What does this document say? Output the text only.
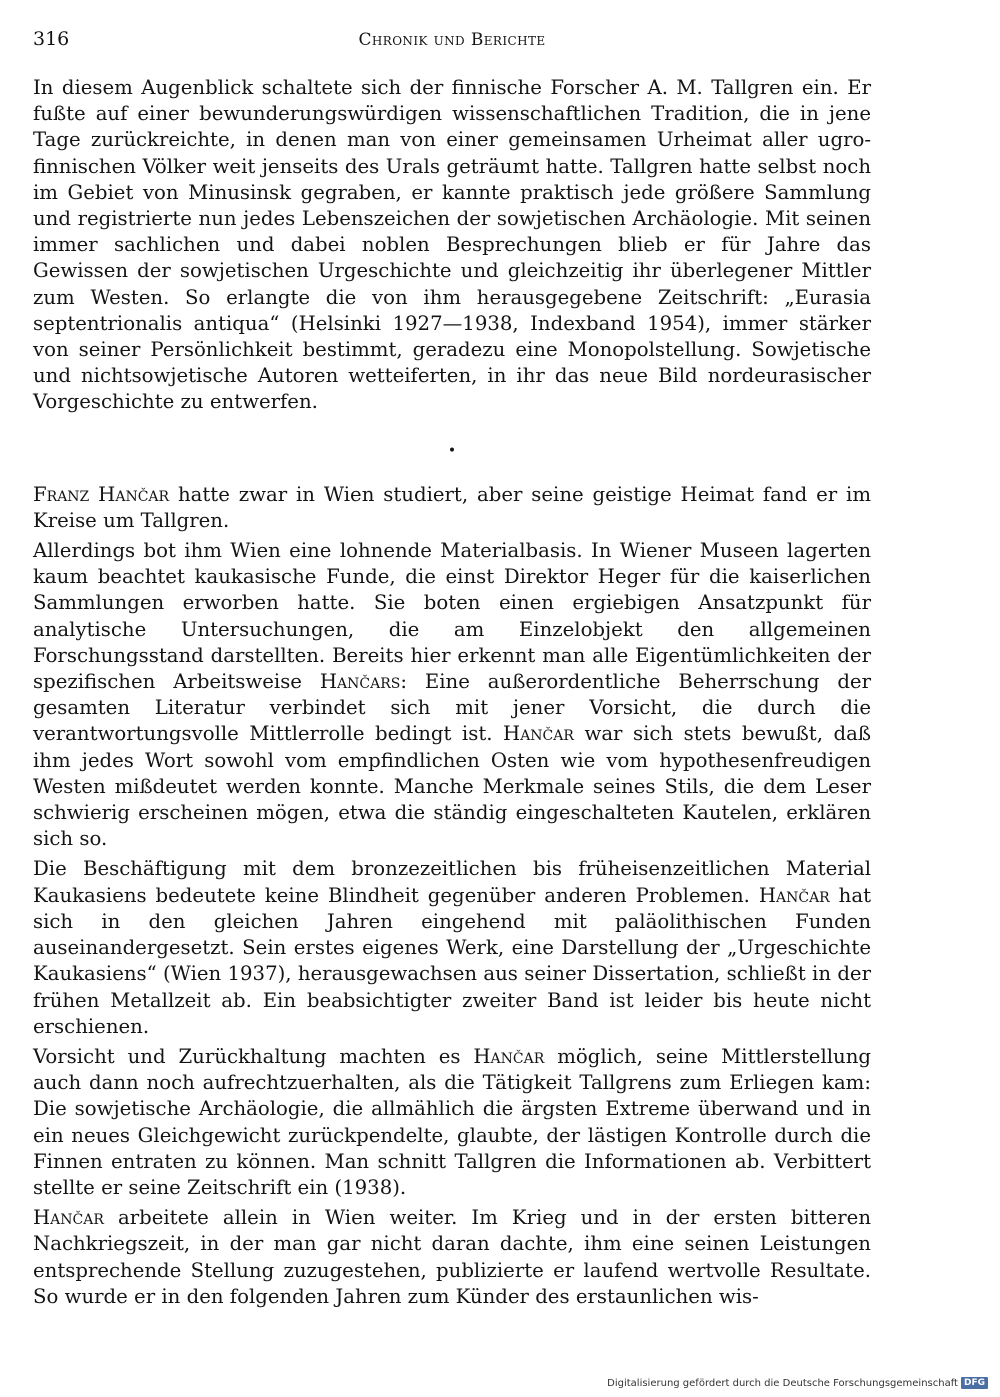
316	Chronik und Berichte

In diesem Augenblick schaltete sich der finnische Forscher A. M. Tallgren ein. Er fußte auf einer bewunderungswürdigen wissenschaftlichen Tradition, die in jene Tage zurückreichte, in denen man von einer gemeinsamen Urheimat aller ugro-finnischen Völker weit jenseits des Urals geträumt hatte. Tallgren hatte selbst noch im Gebiet von Minusinsk gegraben, er kannte praktisch jede größere Sammlung und registrierte nun jedes Lebenszeichen der sowjetischen Archäologie. Mit seinen immer sachlichen und dabei noblen Besprechungen blieb er für Jahre das Gewissen der sowjetischen Urgeschichte und gleichzeitig ihr überlegener Mittler zum Westen. So erlangte die von ihm herausgegebene Zeitschrift: „Eurasia septentrionalis antiqua“ (Helsinki 1927—1938, Indexband 1954), immer stärker von seiner Persönlichkeit bestimmt, geradezu eine Monopolstellung. Sowjetische und nichtsowjetische Autoren wetteiferten, in ihr das neue Bild nordeurasischer Vorgeschichte zu entwerfen.

•

Franz Hančar hatte zwar in Wien studiert, aber seine geistige Heimat fand er im Kreise um Tallgren.

Allerdings bot ihm Wien eine lohnende Materialbasis. In Wiener Museen lagerten kaum beachtet kaukasische Funde, die einst Direktor Heger für die kaiserlichen Sammlungen erworben hatte. Sie boten einen ergiebigen Ansatzpunkt für analytische Untersuchungen, die am Einzelobjekt den allgemeinen Forschungsstand darstellten. Bereits hier erkennt man alle Eigentümlichkeiten der spezifischen Arbeitsweise Hančars: Eine außerordentliche Beherrschung der gesamten Literatur verbindet sich mit jener Vorsicht, die durch die verantwortungsvolle Mittlerrolle bedingt ist. Hančar war sich stets bewußt, daß ihm jedes Wort sowohl vom empfindlichen Osten wie vom hypothesenfreudigen Westen mißdeutet werden konnte. Manche Merkmale seines Stils, die dem Leser schwierig erscheinen mögen, etwa die ständig eingeschalteten Kautelen, erklären sich so.

Die Beschäftigung mit dem bronzezeitlichen bis früheisenzeitlichen Material Kaukasiens bedeutete keine Blindheit gegenüber anderen Problemen. Hančar hat sich in den gleichen Jahren eingehend mit paläolithischen Funden auseinandergesetzt. Sein erstes eigenes Werk, eine Darstellung der „Urgeschichte Kaukasiens“ (Wien 1937), herausgewachsen aus seiner Dissertation, schließt in der frühen Metallzeit ab. Ein beabsichtigter zweiter Band ist leider bis heute nicht erschienen.

Vorsicht und Zurückhaltung machten es Hančar möglich, seine Mittlerstellung auch dann noch aufrechtzuerhalten, als die Tätigkeit Tallgrens zum Erliegen kam: Die sowjetische Archäologie, die allmählich die ärgsten Extreme überwand und in ein neues Gleichgewicht zurückpendelte, glaubte, der lästigen Kontrolle durch die Finnen entraten zu können. Man schnitt Tallgren die Informationen ab. Verbittert stellte er seine Zeitschrift ein (1938).

Hančar arbeitete allein in Wien weiter. Im Krieg und in der ersten bitteren Nachkriegszeit, in der man gar nicht daran dachte, ihm eine seinen Leistungen entsprechende Stellung zuzugestehen, publizierte er laufend wertvolle Resultate. So wurde er in den folgenden Jahren zum Künder des erstaunlichen wis-

Digitalisierung gefördert durch die Deutsche Forschungsgemeinschaft DFG
